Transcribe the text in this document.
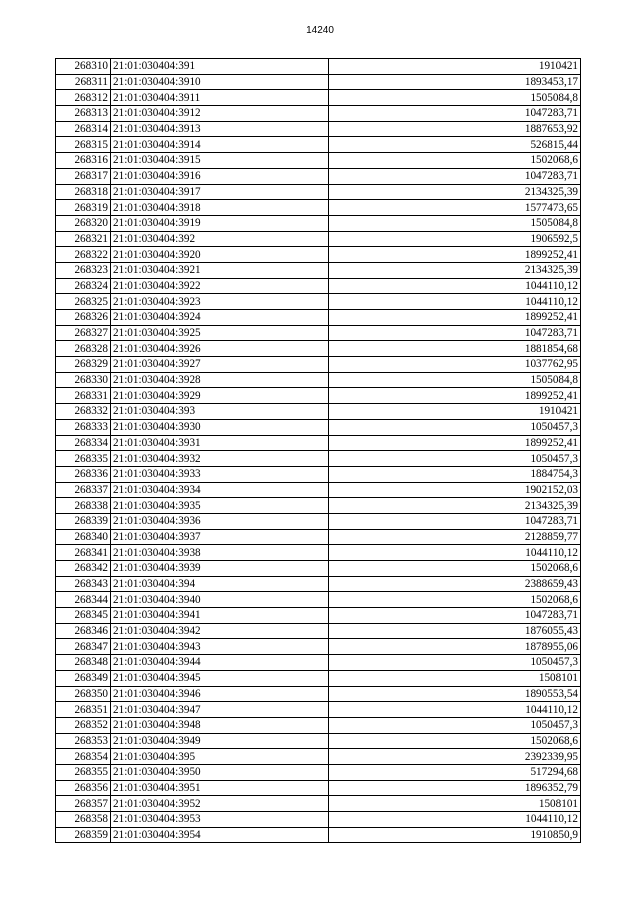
14240
268310	21:01:030404:391	1910421
268311	21:01:030404:3910	1893453,17
268312	21:01:030404:3911	1505084,8
268313	21:01:030404:3912	1047283,71
268314	21:01:030404:3913	1887653,92
268315	21:01:030404:3914	526815,44
268316	21:01:030404:3915	1502068,6
268317	21:01:030404:3916	1047283,71
268318	21:01:030404:3917	2134325,39
268319	21:01:030404:3918	1577473,65
268320	21:01:030404:3919	1505084,8
268321	21:01:030404:392	1906592,5
268322	21:01:030404:3920	1899252,41
268323	21:01:030404:3921	2134325,39
268324	21:01:030404:3922	1044110,12
268325	21:01:030404:3923	1044110,12
268326	21:01:030404:3924	1899252,41
268327	21:01:030404:3925	1047283,71
268328	21:01:030404:3926	1881854,68
268329	21:01:030404:3927	1037762,95
268330	21:01:030404:3928	1505084,8
268331	21:01:030404:3929	1899252,41
268332	21:01:030404:393	1910421
268333	21:01:030404:3930	1050457,3
268334	21:01:030404:3931	1899252,41
268335	21:01:030404:3932	1050457,3
268336	21:01:030404:3933	1884754,3
268337	21:01:030404:3934	1902152,03
268338	21:01:030404:3935	2134325,39
268339	21:01:030404:3936	1047283,71
268340	21:01:030404:3937	2128859,77
268341	21:01:030404:3938	1044110,12
268342	21:01:030404:3939	1502068,6
268343	21:01:030404:394	2388659,43
268344	21:01:030404:3940	1502068,6
268345	21:01:030404:3941	1047283,71
268346	21:01:030404:3942	1876055,43
268347	21:01:030404:3943	1878955,06
268348	21:01:030404:3944	1050457,3
268349	21:01:030404:3945	1508101
268350	21:01:030404:3946	1890553,54
268351	21:01:030404:3947	1044110,12
268352	21:01:030404:3948	1050457,3
268353	21:01:030404:3949	1502068,6
268354	21:01:030404:395	2392339,95
268355	21:01:030404:3950	517294,68
268356	21:01:030404:3951	1896352,79
268357	21:01:030404:3952	1508101
268358	21:01:030404:3953	1044110,12
268359	21:01:030404:3954	1910850,9
